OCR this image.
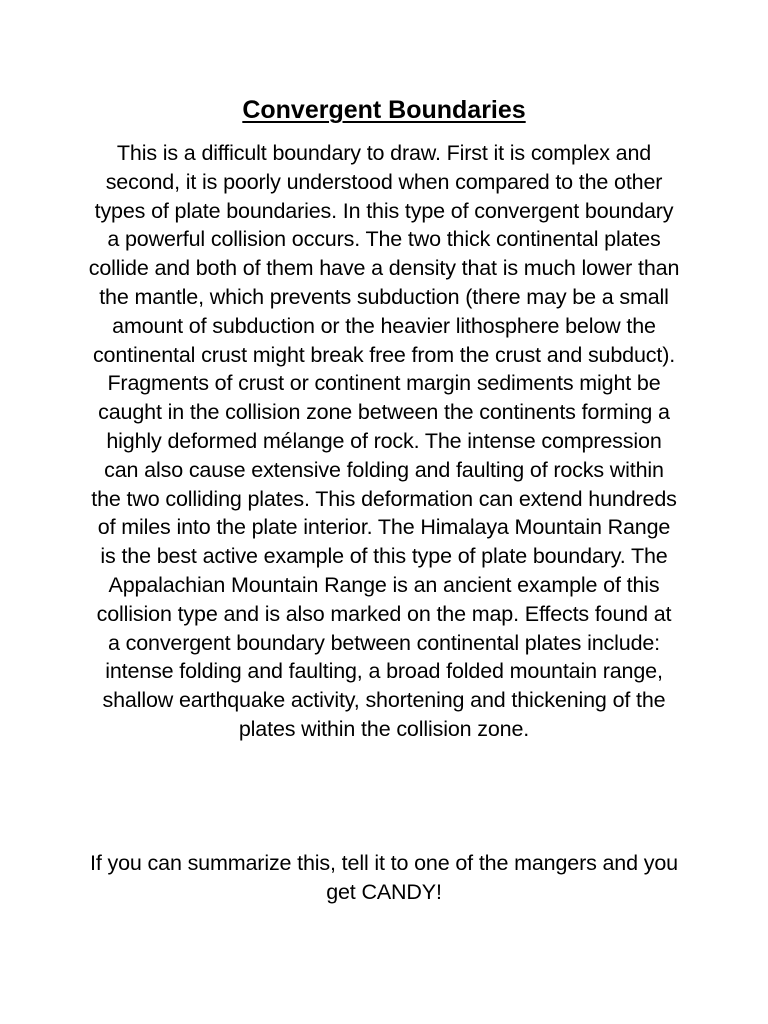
Convergent Boundaries

This is a difficult boundary to draw. First it is complex and second, it is poorly understood when compared to the other types of plate boundaries. In this type of convergent boundary a powerful collision occurs. The two thick continental plates collide and both of them have a density that is much lower than the mantle, which prevents subduction (there may be a small amount of subduction or the heavier lithosphere below the continental crust might break free from the crust and subduct). Fragments of crust or continent margin sediments might be caught in the collision zone between the continents forming a highly deformed mélange of rock. The intense compression can also cause extensive folding and faulting of rocks within the two colliding plates. This deformation can extend hundreds of miles into the plate interior. The Himalaya Mountain Range is the best active example of this type of plate boundary. The Appalachian Mountain Range is an ancient example of this collision type and is also marked on the map. Effects found at a convergent boundary between continental plates include: intense folding and faulting, a broad folded mountain range, shallow earthquake activity, shortening and thickening of the plates within the collision zone.

If you can summarize this, tell it to one of the mangers and you get CANDY!
